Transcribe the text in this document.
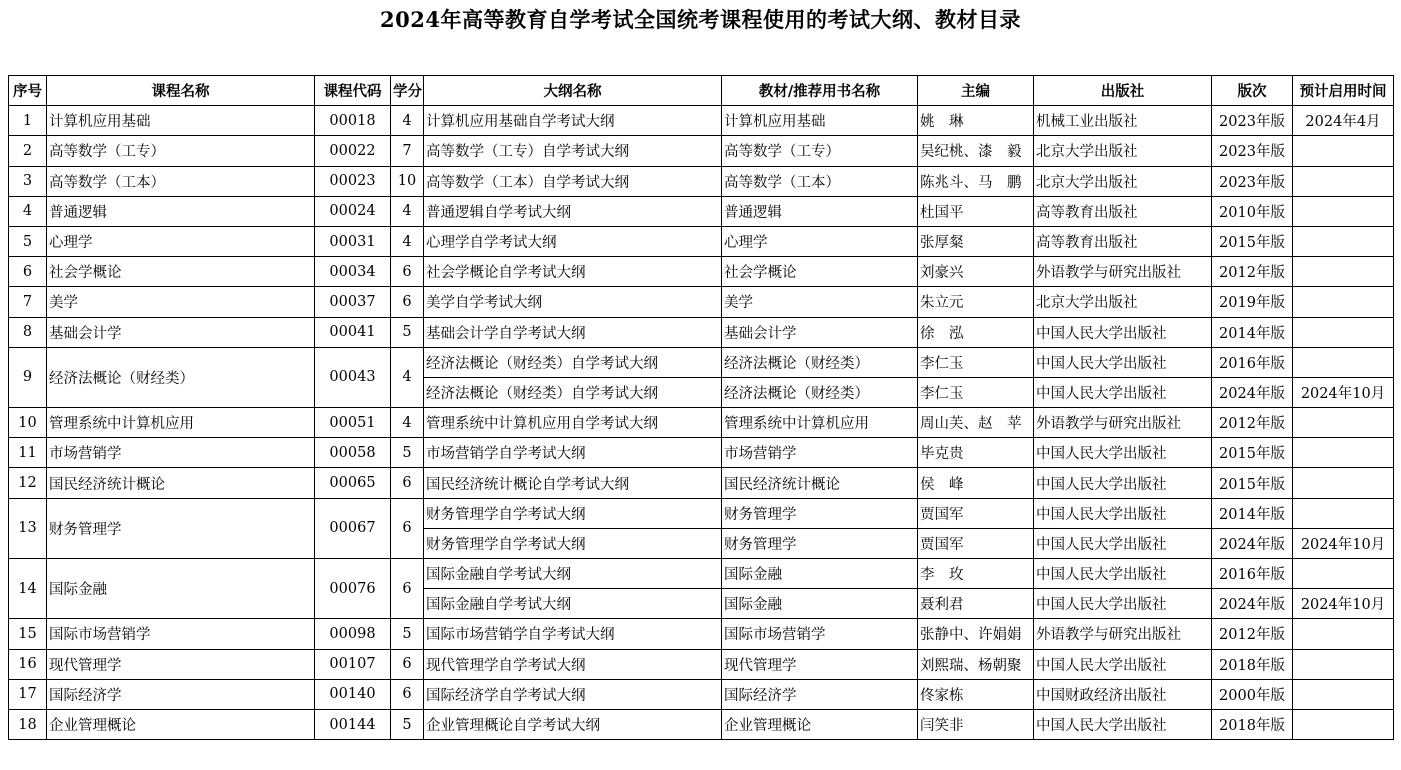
2024年高等教育自学考试全国统考课程使用的考试大纲、教材目录
序号	课程名称	课程代码	学分	大纲名称	教材/推荐用书名称	主编	出版社	版次	预计启用时间
1	计算机应用基础	00018	4	计算机应用基础自学考试大纲	计算机应用基础	姚　琳	机械工业出版社	2023年版	2024年4月
2	高等数学（工专）	00022	7	高等数学（工专）自学考试大纲	高等数学（工专）	吴纪桃、漆　毅	北京大学出版社	2023年版	
3	高等数学（工本）	00023	10	高等数学（工本）自学考试大纲	高等数学（工本）	陈兆斗、马　鹏	北京大学出版社	2023年版	
4	普通逻辑	00024	4	普通逻辑自学考试大纲	普通逻辑	杜国平	高等教育出版社	2010年版	
5	心理学	00031	4	心理学自学考试大纲	心理学	张厚粲	高等教育出版社	2015年版	
6	社会学概论	00034	6	社会学概论自学考试大纲	社会学概论	刘豪兴	外语教学与研究出版社	2012年版	
7	美学	00037	6	美学自学考试大纲	美学	朱立元	北京大学出版社	2019年版	
8	基础会计学	00041	5	基础会计学自学考试大纲	基础会计学	徐　泓	中国人民大学出版社	2014年版	
9	经济法概论（财经类）	00043	4	经济法概论（财经类）自学考试大纲	经济法概论（财经类）	李仁玉	中国人民大学出版社	2016年版	
				经济法概论（财经类）自学考试大纲	经济法概论（财经类）	李仁玉	中国人民大学出版社	2024年版	2024年10月
10	管理系统中计算机应用	00051	4	管理系统中计算机应用自学考试大纲	管理系统中计算机应用	周山芙、赵　苹	外语教学与研究出版社	2012年版	
11	市场营销学	00058	5	市场营销学自学考试大纲	市场营销学	毕克贵	中国人民大学出版社	2015年版	
12	国民经济统计概论	00065	6	国民经济统计概论自学考试大纲	国民经济统计概论	侯　峰	中国人民大学出版社	2015年版	
13	财务管理学	00067	6	财务管理学自学考试大纲	财务管理学	贾国军	中国人民大学出版社	2014年版	
				财务管理学自学考试大纲	财务管理学	贾国军	中国人民大学出版社	2024年版	2024年10月
14	国际金融	00076	6	国际金融自学考试大纲	国际金融	李　玫	中国人民大学出版社	2016年版	
				国际金融自学考试大纲	国际金融	聂利君	中国人民大学出版社	2024年版	2024年10月
15	国际市场营销学	00098	5	国际市场营销学自学考试大纲	国际市场营销学	张静中、许娟娟	外语教学与研究出版社	2012年版	
16	现代管理学	00107	6	现代管理学自学考试大纲	现代管理学	刘熙瑞、杨朝聚	中国人民大学出版社	2018年版	
17	国际经济学	00140	6	国际经济学自学考试大纲	国际经济学	佟家栋	中国财政经济出版社	2000年版	
18	企业管理概论	00144	5	企业管理概论自学考试大纲	企业管理概论	闫笑非	中国人民大学出版社	2018年版	
